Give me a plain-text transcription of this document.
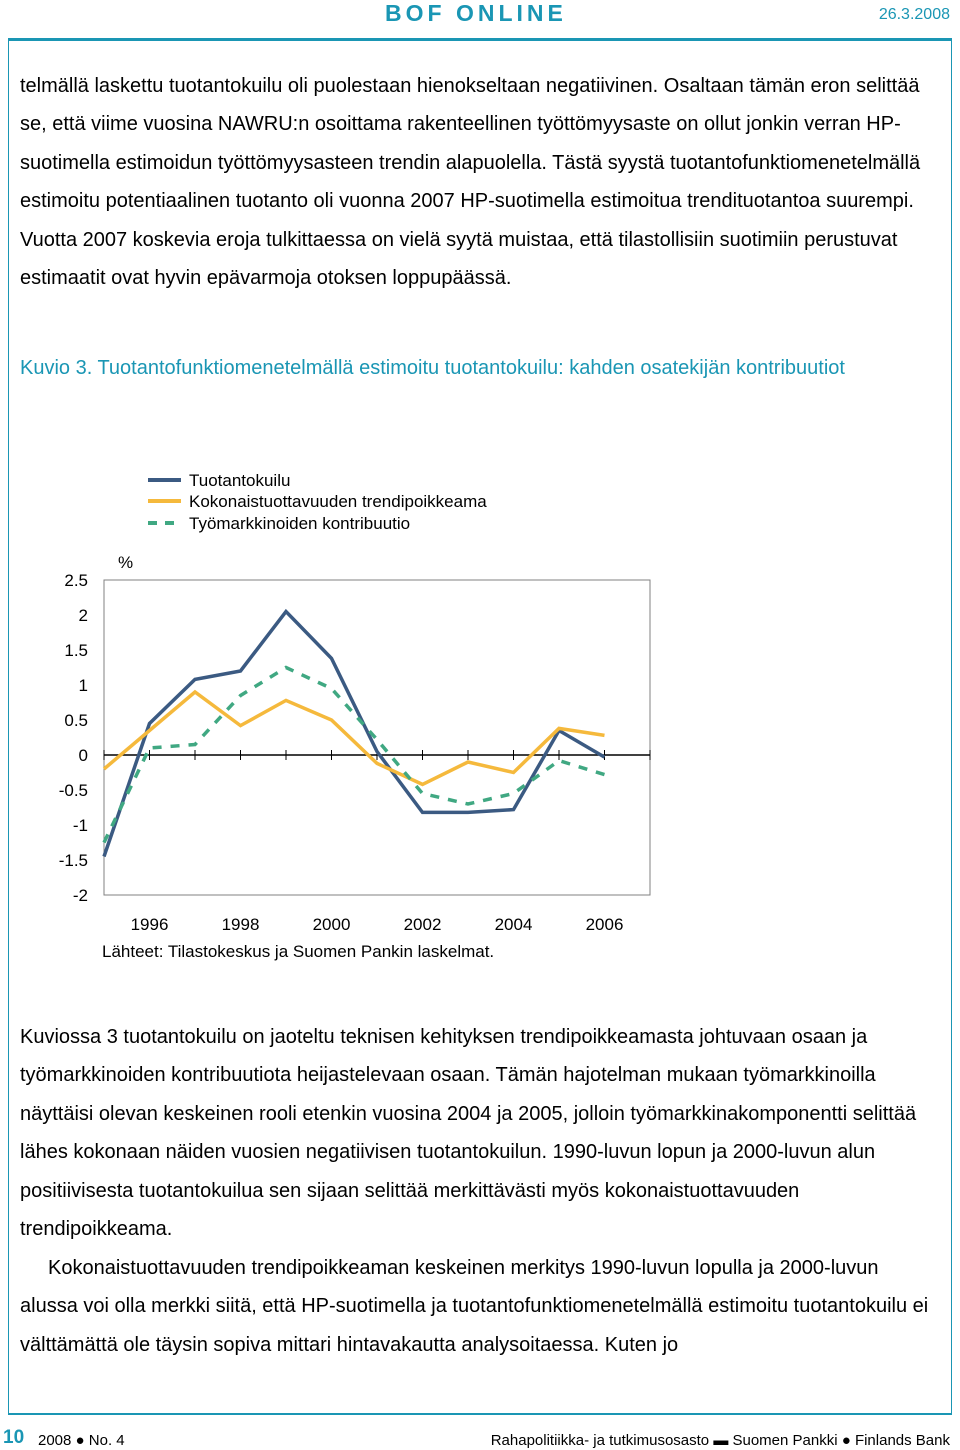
BOF ONLINE	26.3.2008

telmällä laskettu tuotantokuilu oli puolestaan hienokseltaan negatiivinen. Osaltaan tämän eron selittää se, että viime vuosina NAWRU:n osoittama rakenteellinen työttömyysaste on ollut jonkin verran HP-suotimella estimoidun työttömyysasteen trendin alapuolella. Tästä syystä tuotantofunktiomenetelmällä estimoitu potentiaalinen tuotanto oli vuonna 2007 HP-suotimella estimoitua trendituotantoa suurempi. Vuotta 2007 koskevia eroja tulkittaessa on vielä syytä muistaa, että tilastollisiin suotimiin perustuvat estimaatit ovat hyvin epävarmoja otoksen loppupäässä.

Kuvio 3. Tuotantofunktiomenetelmällä estimoitu tuotantokuilu: kahden osatekijän kontribuutiot

Tuotantokuilu
Kokonaistuottavuuden trendipoikkeama
Työmarkkinoiden kontribuutio
%
2.5
2
1.5
1
0.5
0
-0.5
-1
-1.5
-2
1996	1998	2000	2002	2004	2006
Lähteet: Tilastokeskus ja Suomen Pankin laskelmat.

Kuviossa 3 tuotantokuilu on jaoteltu teknisen kehityksen trendipoikkeamasta johtuvaan osaan ja työmarkkinoiden kontribuutiota heijastelevaan osaan. Tämän hajotelman mukaan työmarkkinoilla näyttäisi olevan keskeinen rooli etenkin vuosina 2004 ja 2005, jolloin työmarkkinakomponentti selittää lähes kokonaan näiden vuosien negatiivisen tuotantokuilun. 1990-luvun lopun ja 2000-luvun alun positiivisesta tuotantokuilua sen sijaan selittää merkittävästi myös kokonaistuottavuuden trendipoikkeama.

Kokonaistuottavuuden trendipoikkeaman keskeinen merkitys 1990-luvun lopulla ja 2000-luvun alussa voi olla merkki siitä, että HP-suotimella ja tuotantofunktiomenetelmällä estimoitu tuotantokuilu ei välttämättä ole täysin sopiva mittari hintavakautta analysoitaessa. Kuten jo

10 2008 ● No. 4	Rahapolitiikka- ja tutkimusosasto ▬ Suomen Pankki ● Finlands Bank
